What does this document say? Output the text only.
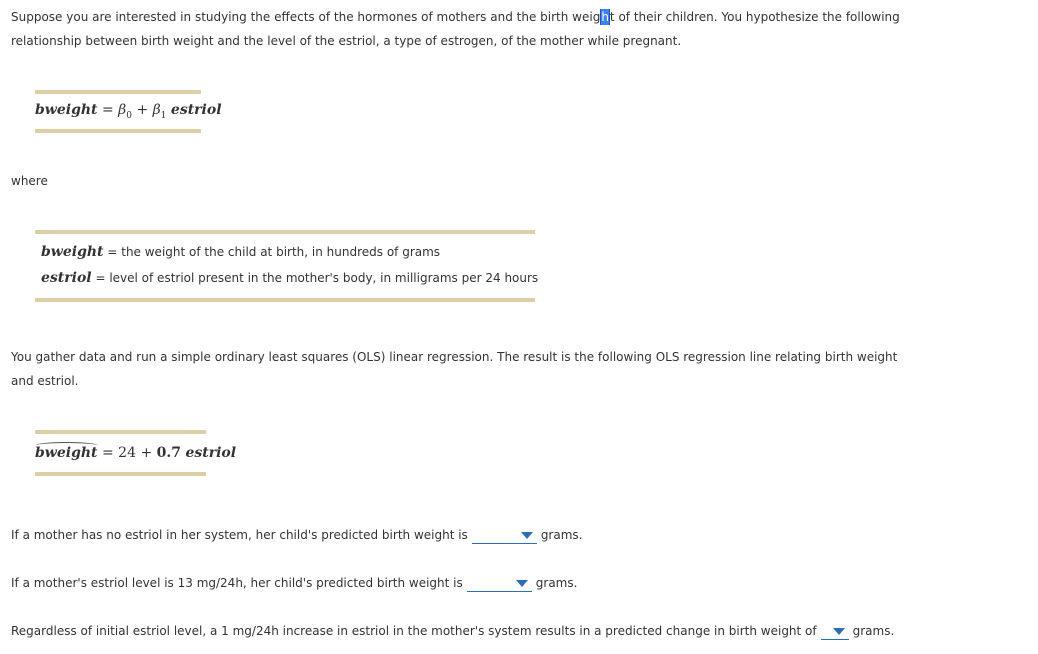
Suppose you are interested in studying the effects of the hormones of mothers and the birth weight of their children. You hypothesize the following
relationship between birth weight and the level of the estriol, a type of estrogen, of the mother while pregnant.

bweight = $\beta_0 + \beta_1$ estriol

where

bweight = the weight of the child at birth, in hundreds of grams
estriol = level of estriol present in the mother's body, in milligrams per 24 hours

You gather data and run a simple ordinary least squares (OLS) linear regression. The result is the following OLS regression line relating birth weight
and estriol.

bweight = 24 + 0.7 estriol

If a mother has no estriol in her system, her child's predicted birth weight is	grams.

If a mother's estriol level is 13 mg/24h, her child's predicted birth weight is	grams.

Regardless of initial estriol level, a 1 mg/24h increase in estriol in the mother's system results in a predicted change in birth weight of	grams.
